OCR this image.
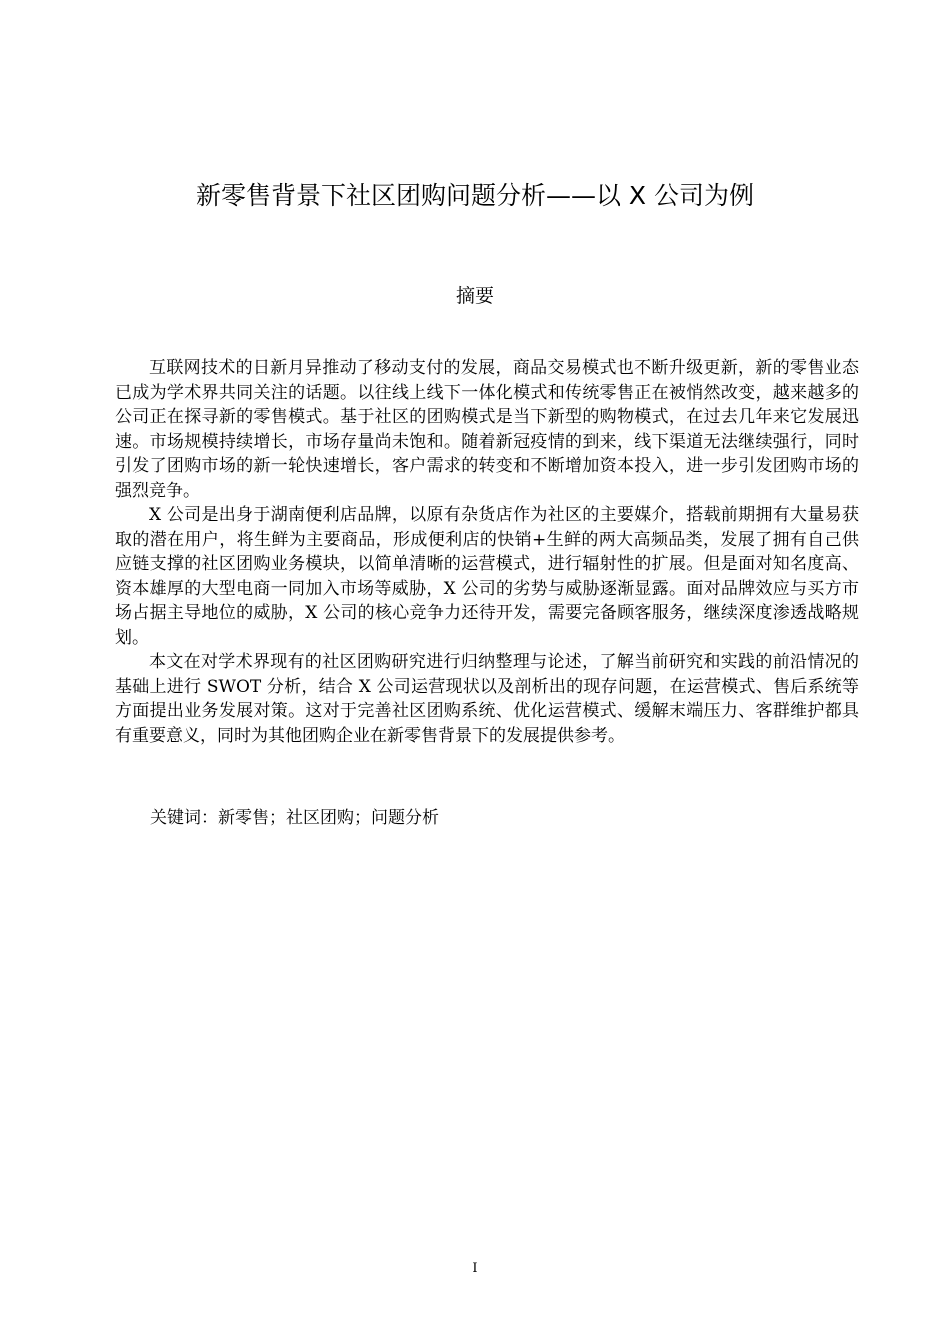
新零售背景下社区团购问题分析——以 X 公司为例
摘要

互联网技术的日新月异推动了移动支付的发展，商品交易模式也不断升级更新，新的零售业态已成为学术界共同关注的话题。以往线上线下一体化模式和传统零售正在被悄然改变，越来越多的公司正在探寻新的零售模式。基于社区的团购模式是当下新型的购物模式，在过去几年来它发展迅速。市场规模持续增长，市场存量尚未饱和。随着新冠疫情的到来，线下渠道无法继续强行，同时引发了团购市场的新一轮快速增长，客户需求的转变和不断增加资本投入，进一步引发团购市场的强烈竞争。

X 公司是出身于湖南便利店品牌，以原有杂货店作为社区的主要媒介，搭载前期拥有大量易获取的潜在用户，将生鲜为主要商品，形成便利店的快销+生鲜的两大高频品类，发展了拥有自己供应链支撑的社区团购业务模块，以简单清晰的运营模式，进行辐射性的扩展。但是面对知名度高、资本雄厚的大型电商一同加入市场等威胁，X 公司的劣势与威胁逐渐显露。面对品牌效应与买方市场占据主导地位的威胁，X 公司的核心竞争力还待开发，需要完备顾客服务，继续深度渗透战略规划。

本文在对学术界现有的社区团购研究进行归纳整理与论述，了解当前研究和实践的前沿情况的基础上进行 SWOT 分析，结合 X 公司运营现状以及剖析出的现存问题，在运营模式、售后系统等方面提出业务发展对策。这对于完善社区团购系统、优化运营模式、缓解末端压力、客群维护都具有重要意义，同时为其他团购企业在新零售背景下的发展提供参考。

关键词：新零售；社区团购；问题分析

I
